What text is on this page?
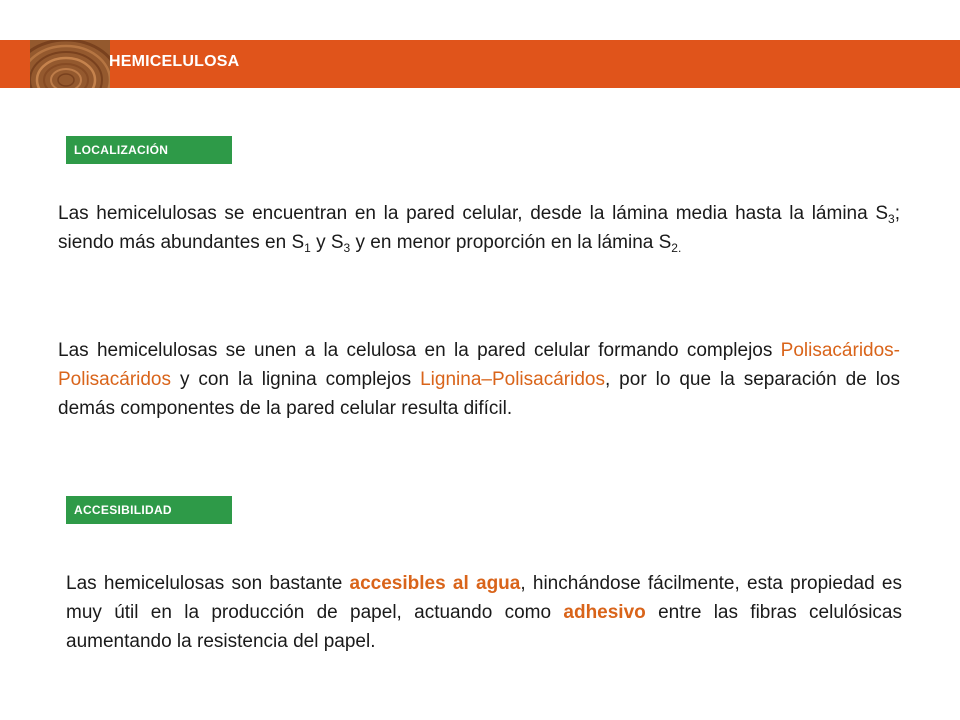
HEMICELULOSA
LOCALIZACIÓN
Las hemicelulosas se encuentran en la pared celular, desde la lámina media hasta la lámina $S_3$; siendo más abundantes en $S_1$ y $S_3$ y en menor proporción en la lámina $S_{2.}$
Las hemicelulosas se unen a la celulosa en la pared celular formando complejos Polisacáridos-Polisacáridos y con la lignina complejos Lignina–Polisacáridos, por lo que la separación de los demás componentes de la pared celular resulta difícil.
ACCESIBILIDAD
Las hemicelulosas son bastante accesibles al agua, hinchándose fácilmente, esta propiedad es muy útil en la producción de papel, actuando como adhesivo entre las fibras celulósicas aumentando la resistencia del papel.
